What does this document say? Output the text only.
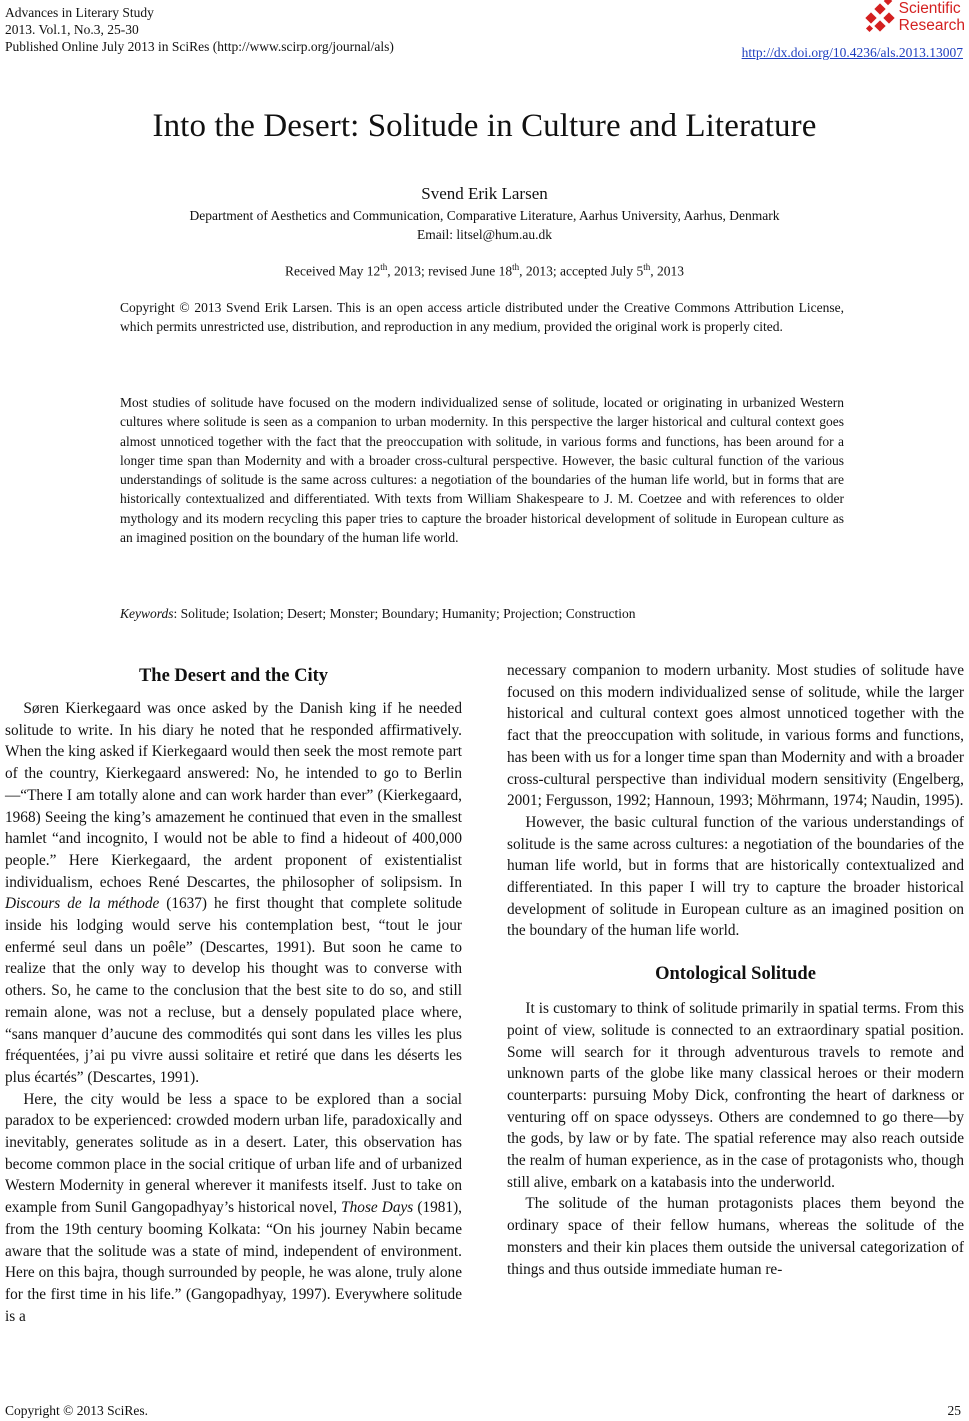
Advances in Literary Study
2013. Vol.1, No.3, 25-30
Published Online July 2013 in SciRes (http://www.scirp.org/journal/als)
Scientific
Research
http://dx.doi.org/10.4236/als.2013.13007
Into the Desert: Solitude in Culture and Literature
Svend Erik Larsen
Department of Aesthetics and Communication, Comparative Literature, Aarhus University, Aarhus, Denmark
Email: litsel@hum.au.dk
Received May 12th, 2013; revised June 18th, 2013; accepted July 5th, 2013
Copyright © 2013 Svend Erik Larsen. This is an open access article distributed under the Creative Commons Attribution License, which permits unrestricted use, distribution, and reproduction in any medium, provided the original work is properly cited.
Most studies of solitude have focused on the modern individualized sense of solitude, located or originating in urbanized Western cultures where solitude is seen as a companion to urban modernity. In this perspective the larger historical and cultural context goes almost unnoticed together with the fact that the preoccupation with solitude, in various forms and functions, has been around for a longer time span than Modernity and with a broader cross-cultural perspective. However, the basic cultural function of the various understandings of solitude is the same across cultures: a negotiation of the boundaries of the human life world, but in forms that are historically contextualized and differentiated. With texts from William Shakespeare to J. M. Coetzee and with references to older mythology and its modern recycling this paper tries to capture the broader historical development of solitude in European culture as an imagined position on the boundary of the human life world.
Keywords: Solitude; Isolation; Desert; Monster; Boundary; Humanity; Projection; Construction
The Desert and the City

Søren Kierkegaard was once asked by the Danish king if he needed solitude to write. In his diary he noted that he responded affirmatively. When the king asked if Kierkegaard would then seek the most remote part of the country, Kierkegaard answered: No, he intended to go to Berlin—“There I am totally alone and can work harder than ever” (Kierkegaard, 1968) Seeing the king’s amazement he continued that even in the smallest hamlet “and incognito, I would not be able to find a hideout of 400,000 people.” Here Kierkegaard, the ardent proponent of existentialist individualism, echoes René Descartes, the philosopher of solipsism. In Discours de la méthode (1637) he first thought that complete solitude inside his lodging would serve his contemplation best, “tout le jour enfermé seul dans un poêle” (Descartes, 1991). But soon he came to realize that the only way to develop his thought was to converse with others. So, he came to the conclusion that the best site to do so, and still remain alone, was not a recluse, but a densely populated place where, “sans manquer d’aucune des commodités qui sont dans les villes les plus fréquentées, j’ai pu vivre aussi solitaire et retiré que dans les déserts les plus écartés” (Descartes, 1991).

Here, the city would be less a space to be explored than a social paradox to be experienced: crowded modern urban life, paradoxically and inevitably, generates solitude as in a desert. Later, this observation has become common place in the social critique of urban life and of urbanized Western Modernity in general wherever it manifests itself. Just to take on example from Sunil Gangopadhyay’s historical novel, Those Days (1981), from the 19th century booming Kolkata: “On his journey Nabin became aware that the solitude was a state of mind, independent of environment. Here on this bajra, though surrounded by people, he was alone, truly alone for the first time in his life.” (Gangopadhyay, 1997). Everywhere solitude is a

necessary companion to modern urbanity. Most studies of solitude have focused on this modern individualized sense of solitude, while the larger historical and cultural context goes almost unnoticed together with the fact that the preoccupation with solitude, in various forms and functions, has been with us for a longer time span than Modernity and with a broader cross-cultural perspective than individual modern sensitivity (Engelberg, 2001; Fergusson, 1992; Hannoun, 1993; Möhrmann, 1974; Naudin, 1995).

However, the basic cultural function of the various understandings of solitude is the same across cultures: a negotiation of the boundaries of the human life world, but in forms that are historically contextualized and differentiated. In this paper I will try to capture the broader historical development of solitude in European culture as an imagined position on the boundary of the human life world.

Ontological Solitude

It is customary to think of solitude primarily in spatial terms. From this point of view, solitude is connected to an extraordinary spatial position. Some will search for it through adventurous travels to remote and unknown parts of the globe like many classical heroes or their modern counterparts: pursuing Moby Dick, confronting the heart of darkness or venturing off on space odysseys. Others are condemned to go there—by the gods, by law or by fate. The spatial reference may also reach outside the realm of human experience, as in the case of protagonists who, though still alive, embark on a katabasis into the underworld.

The solitude of the human protagonists places them beyond the ordinary space of their fellow humans, whereas the solitude of the monsters and their kin places them outside the universal categorization of things and thus outside immediate human re-

Copyright © 2013 SciRes.	25
